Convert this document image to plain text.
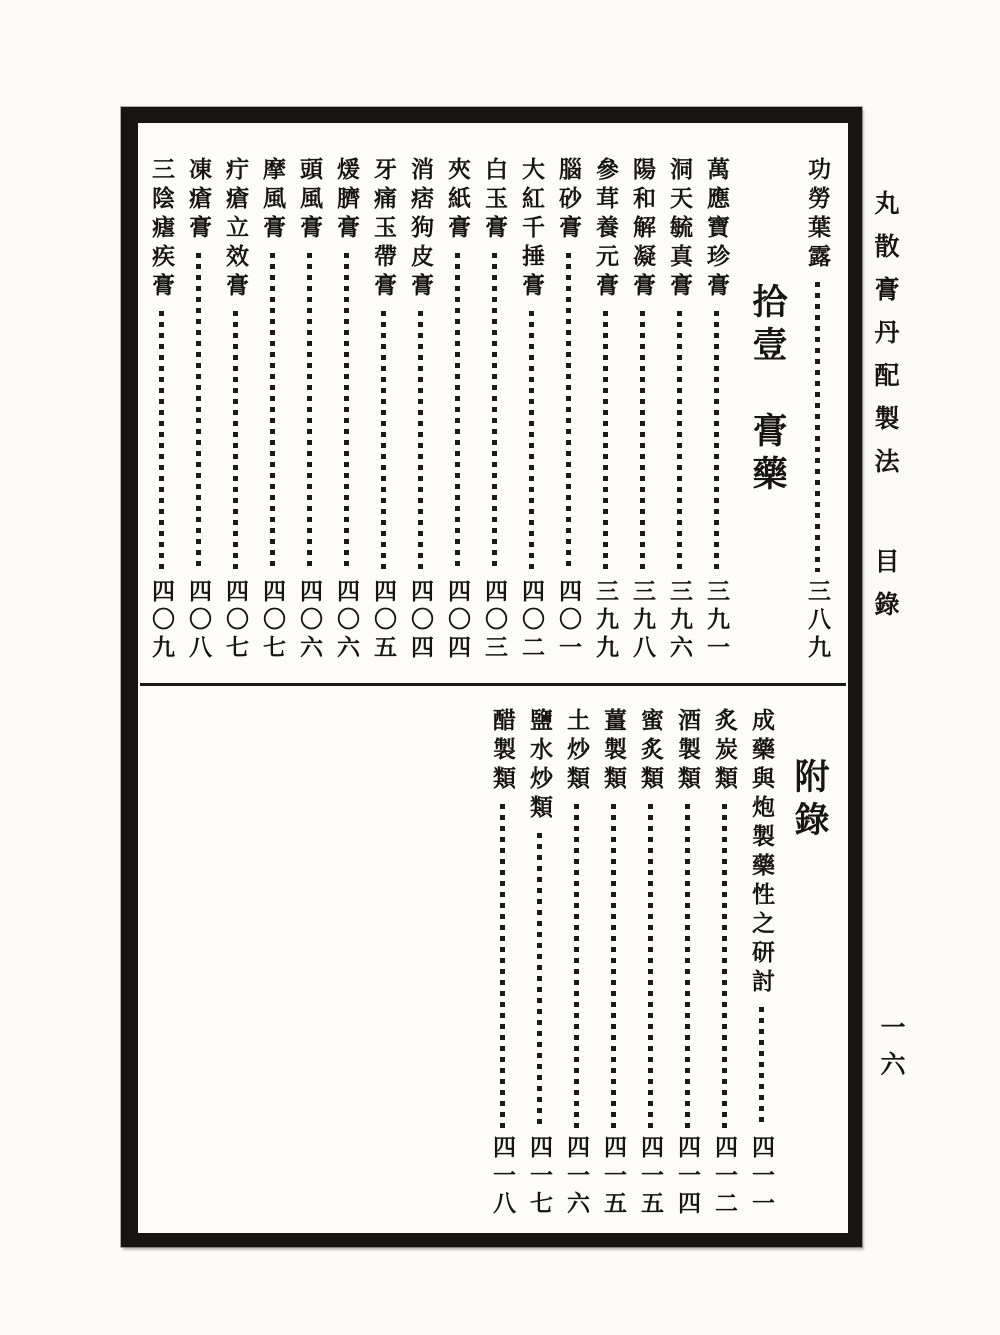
功勞葉露
三八九
拾壹　膏藥
萬應寶珍膏
三九一
洞天毓真膏
三九六
陽和解凝膏
三九八
參茸養元膏
三九九
腦砂膏
四〇一
大紅千捶膏
四〇二
白玉膏
四〇三
夾紙膏
四〇四
消痞狗皮膏
四〇四
牙痛玉帶膏
四〇五
煖臍膏
四〇六
頭風膏
四〇六
摩風膏
四〇七
疔瘡立效膏
四〇七
凍瘡膏
四〇八
三陰瘧疾膏
四〇九
附錄
成藥與炮製藥性之研討
四一一
炙炭類
四一二
酒製類
四一四
蜜炙類
四一五
薑製類
四一五
土炒類
四一六
鹽水炒類
四一七
醋製類
四一八
丸散膏丹配製法
目錄
一六
